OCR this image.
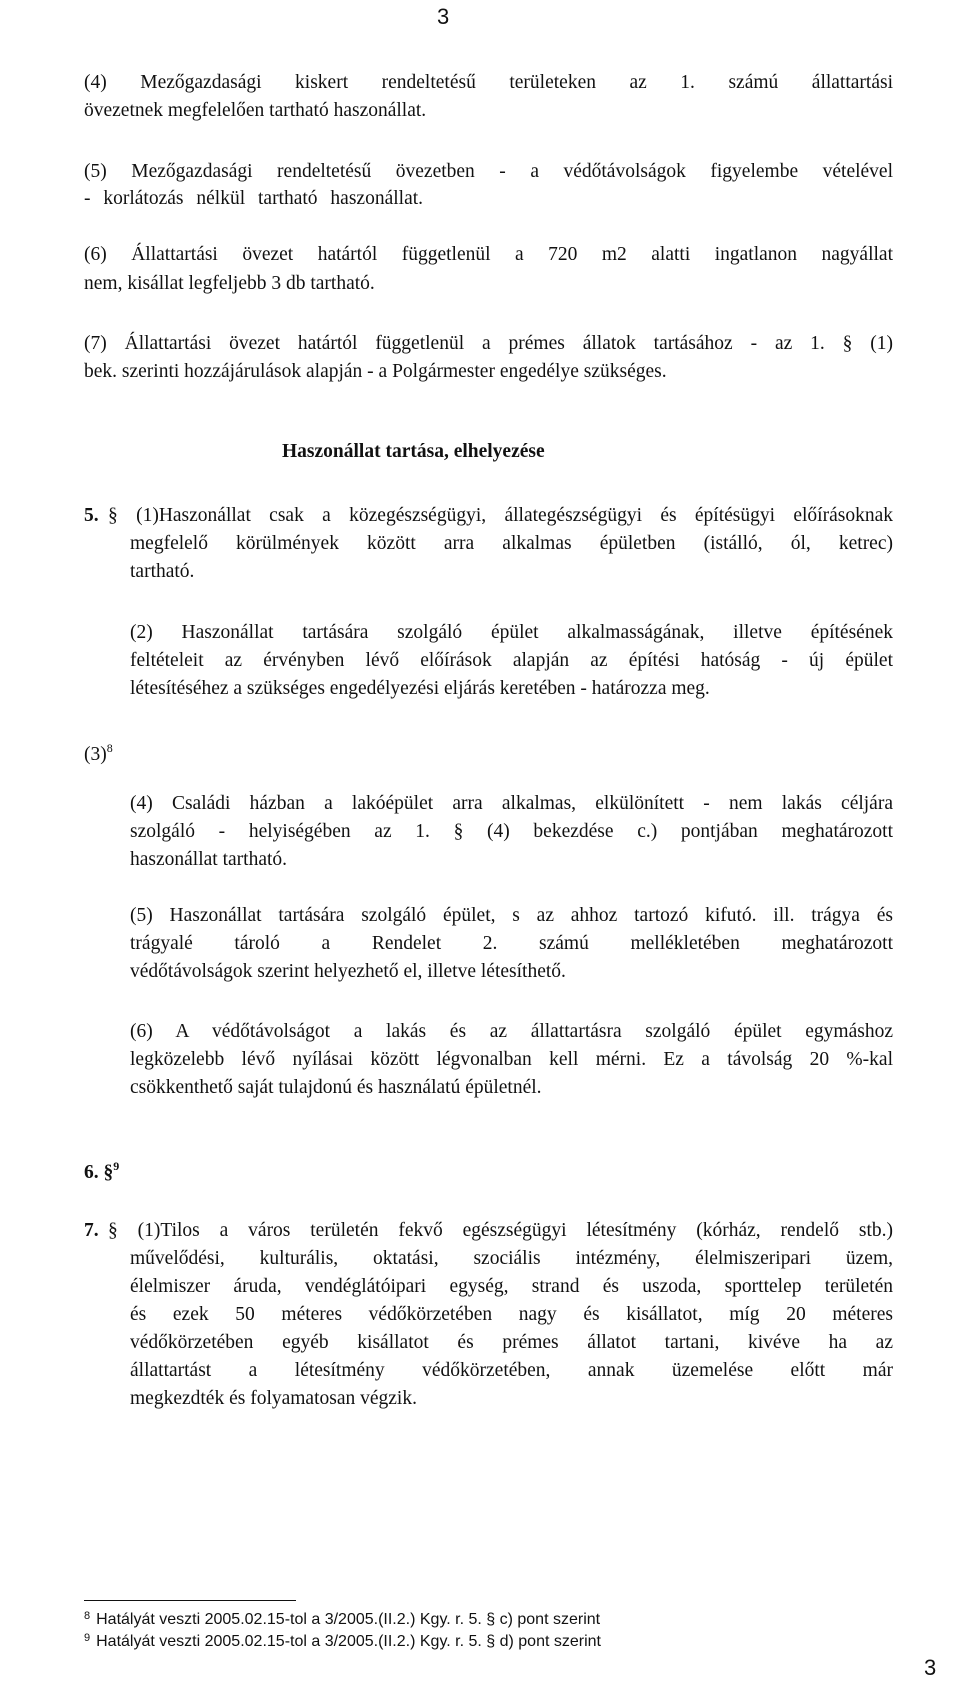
3
(4) Mezőgazdasági kiskert rendeltetésű területeken az 1. számú állattartási
övezetnek megfelelően tartható haszonállat.
(5) Mezőgazdasági rendeltetésű övezetben - a védőtávolságok figyelembe vételével
- korlátozás nélkül tartható haszonállat.
(6) Állattartási övezet határtól függetlenül a 720 m2 alatti ingatlanon nagyállat
nem, kisállat legfeljebb 3 db tartható.
(7) Állattartási övezet határtól függetlenül a prémes állatok tartásához - az 1. § (1)
bek. szerinti hozzájárulások alapján - a Polgármester engedélye szükséges.
Haszonállat tartása, elhelyezése
5. § (1)Haszonállat csak a közegészségügyi, állategészségügyi és építésügyi előírásoknak
megfelelő körülmények között arra alkalmas épületben (istálló, ól, ketrec)
tartható.
(2) Haszonállat tartására szolgáló épület alkalmasságának, illetve építésének
feltételeit az érvényben lévő előírások alapján az építési hatóság - új épület
létesítéséhez a szükséges engedélyezési eljárás keretében - határozza meg.
$(3)^8$
(4) Családi házban a lakóépület arra alkalmas, elkülönített - nem lakás céljára
szolgáló - helyiségében az 1. § (4) bekezdése c.) pontjában meghatározott
haszonállat tartható.
(5) Haszonállat tartására szolgáló épület, s az ahhoz tartozó kifutó. ill. trágya és
trágyalé tároló a Rendelet 2. számú mellékletében meghatározott
védőtávolságok szerint helyezhető el, illetve létesíthető.
(6) A védőtávolságot a lakás és az állattartásra szolgáló épület egymáshoz
legközelebb lévő nyílásai között légvonalban kell mérni. Ez a távolság 20 %-kal
csökkenthető saját tulajdonú és használatú épületnél.
6. §$^9$
7. § (1)Tilos a város területén fekvő egészségügyi létesítmény (kórház, rendelő stb.)
művelődési, kulturális, oktatási, szociális intézmény, élelmiszeripari üzem,
élelmiszer áruda, vendéglátóipari egység, strand és uszoda, sporttelep területén
és ezek 50 méteres védőkörzetében nagy és kisállatot, míg 20 méteres
védőkörzetében egyéb kisállatot és prémes állatot tartani, kivéve ha az
állattartást a létesítmény védőkörzetében, annak üzemelése előtt már
megkezdték és folyamatosan végzik.
$^8$ Hatályát veszti 2005.02.15-tol a 3/2005.(II.2.) Kgy. r. 5. § c) pont szerint
$^9$ Hatályát veszti 2005.02.15-tol a 3/2005.(II.2.) Kgy. r. 5. § d) pont szerint
3
